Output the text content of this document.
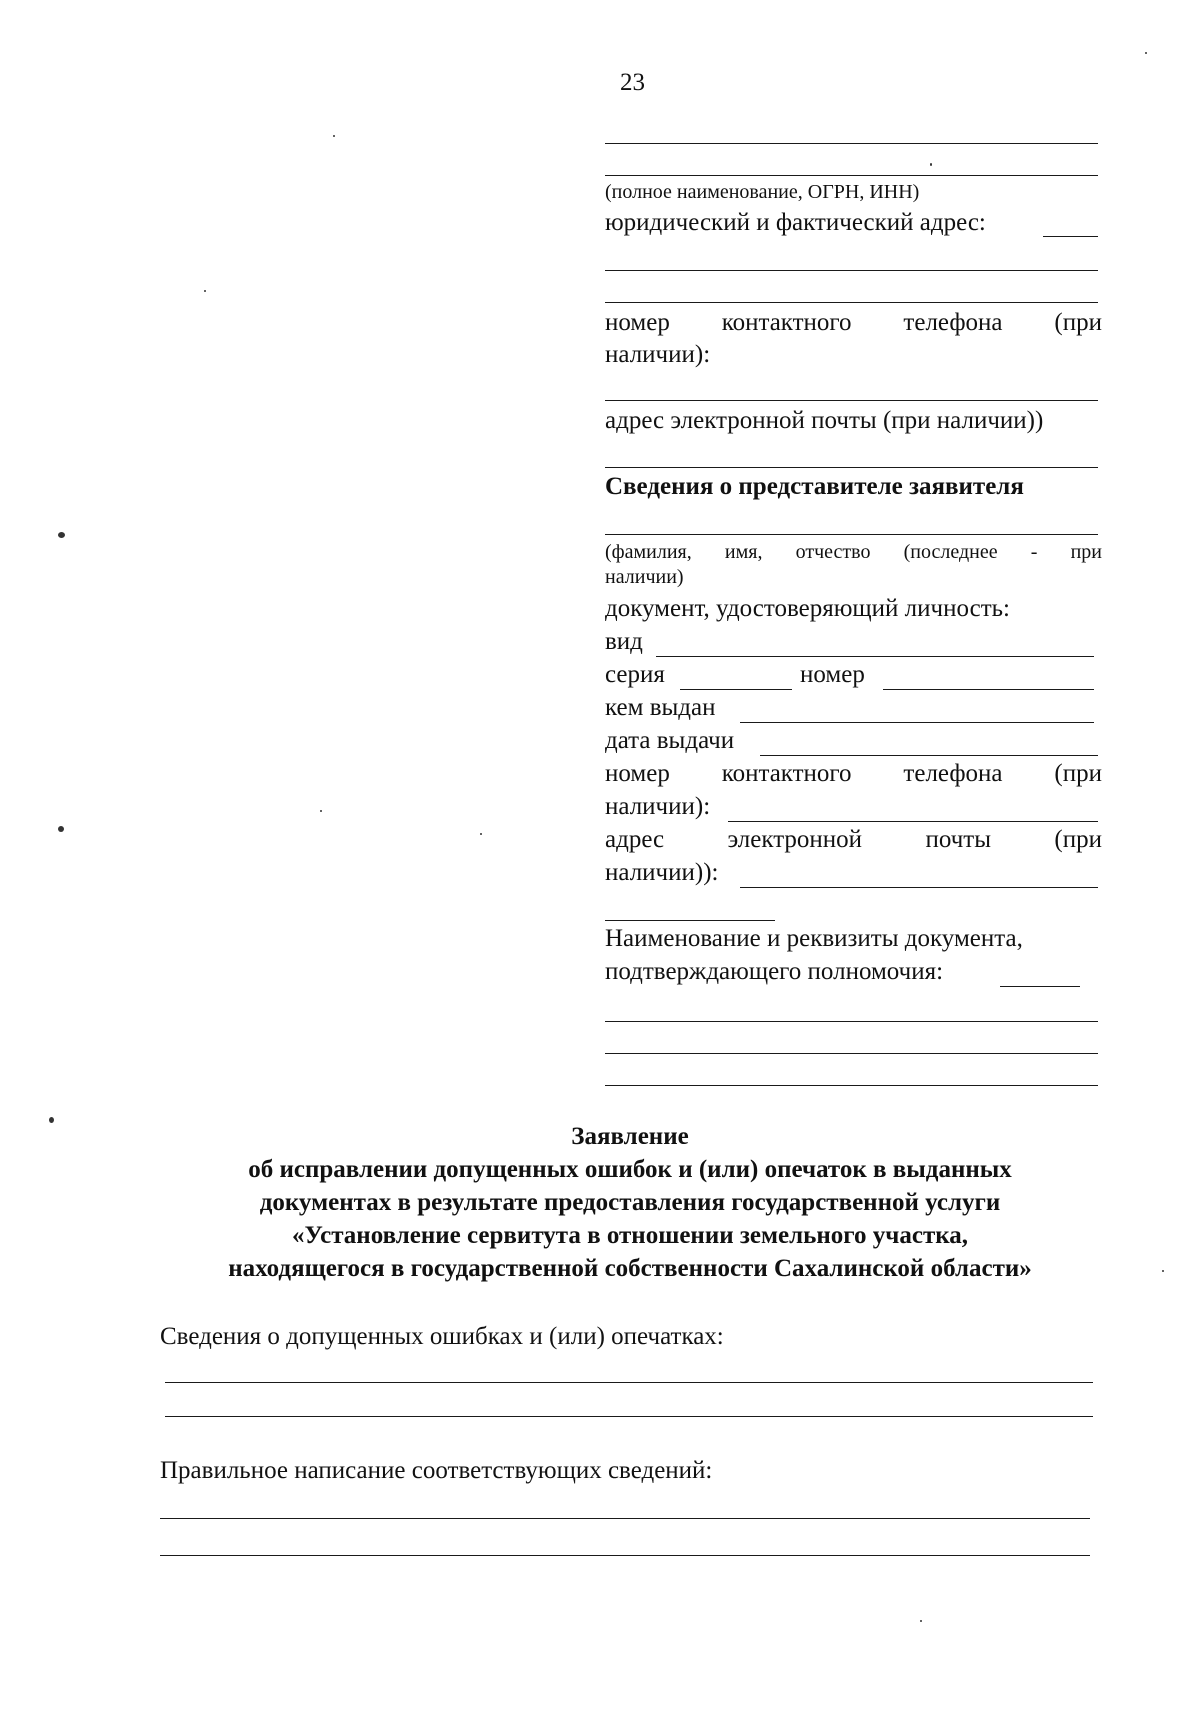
23
(полное наименование, ОГРН, ИНН)
юридический и фактический адрес:
номер контактного телефона (при
наличии):
адрес электронной почты (при наличии))
Сведения о представителе заявителя
(фамилия, имя, отчество (последнее - при
наличии)
документ, удостоверяющий личность:
вид
серия	номер
кем выдан
дата выдачи
номер контактного телефона (при
наличии):
адрес	электронной	почты	(при
наличии)):
Наименование и реквизиты документа,
подтверждающего полномочия:
Заявление
об исправлении допущенных ошибок и (или) опечаток в выданных
документах в результате предоставления государственной услуги
«Установление сервитута в отношении земельного участка,
находящегося в государственной собственности Сахалинской области»
Сведения о допущенных ошибках и (или) опечатках:
Правильное написание соответствующих сведений:
